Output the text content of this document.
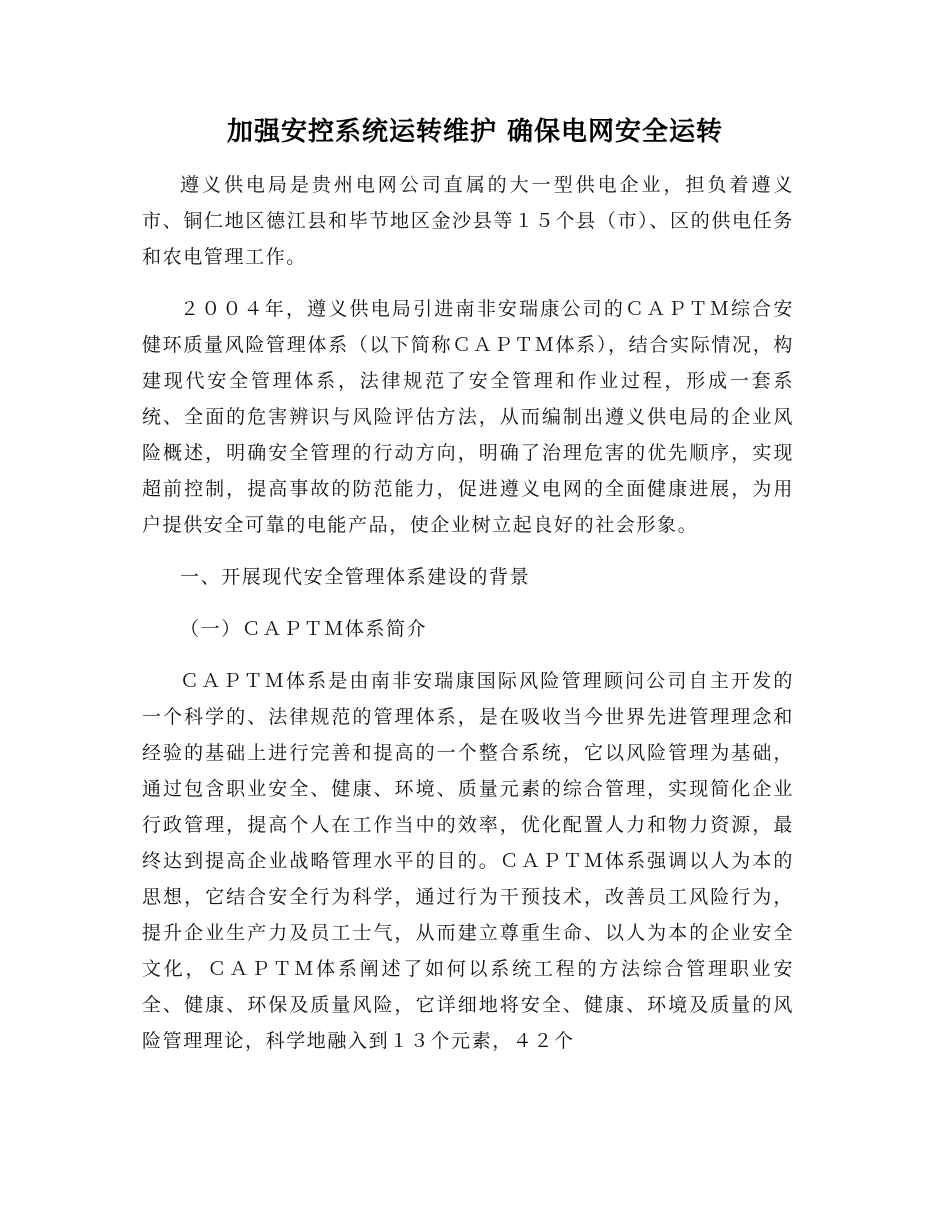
加强安控系统运转维护 确保电网安全运转

遵义供电局是贵州电网公司直属的大一型供电企业，担负着遵义市、铜仁地区德江县和毕节地区金沙县等１５个县（市）、区的供电任务和农电管理工作。

２００４年，遵义供电局引进南非安瑞康公司的ＣＡＰＴＭ综合安健环质量风险管理体系（以下简称ＣＡＰＴＭ体系），结合实际情况，构建现代安全管理体系，法律规范了安全管理和作业过程，形成一套系统、全面的危害辨识与风险评估方法，从而编制出遵义供电局的企业风险概述，明确安全管理的行动方向，明确了治理危害的优先顺序，实现超前控制，提高事故的防范能力，促进遵义电网的全面健康进展，为用户提供安全可靠的电能产品，使企业树立起良好的社会形象。

一、开展现代安全管理体系建设的背景

（一）ＣＡＰＴＭ体系简介

ＣＡＰＴＭ体系是由南非安瑞康国际风险管理顾问公司自主开发的一个科学的、法律规范的管理体系，是在吸收当今世界先进管理理念和经验的基础上进行完善和提高的一个整合系统，它以风险管理为基础，通过包含职业安全、健康、环境、质量元素的综合管理，实现简化企业行政管理，提高个人在工作当中的效率，优化配置人力和物力资源，最终达到提高企业战略管理水平的目的。ＣＡＰＴＭ体系强调以人为本的思想，它结合安全行为科学，通过行为干预技术，改善员工风险行为，提升企业生产力及员工士气，从而建立尊重生命、以人为本的企业安全文化，ＣＡＰＴＭ体系阐述了如何以系统工程的方法综合管理职业安全、健康、环保及质量风险，它详细地将安全、健康、环境及质量的风险管理理论，科学地融入到１３个元素，４２个
